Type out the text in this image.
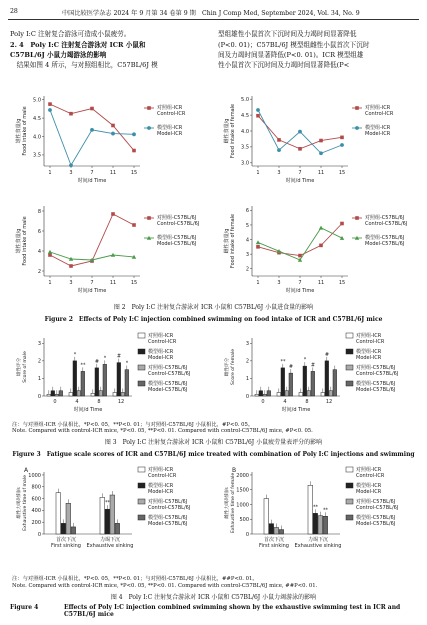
28	中国比较医学杂志 2024 年 9 月第 34 卷第 9 期　Chin J Comp Med, September 2024, Vol. 34, No. 9
Poly I:C 注射复合游泳可造成小鼠疲劳。
2. 4　Poly I:C 注射复合游泳对 ICR 小鼠和
C57BL/6J 小鼠力竭游泳的影响
　结果如图 4 所示，与对照组相比，C57BL/6J 模
型组雄性小鼠首次下沉时间及力竭时间显著降低
(P<0. 01)；C57BL/6J 模型组雌性小鼠首次下沉时
间及力竭时间显著降低(P<0. 01)。ICR 模型组雄
性小鼠首次下沉时间及力竭时间显著降低(P<
3.5
4.0
4.5
5.0
1	3	7	11	15
时间/d Time
雄性食量/g Food intake of male	对照组-ICR
Control-ICR
模型组-ICR
Model-ICR
3.0
3.5
4.0
4.5
5.0
1	3	7	11	15
时间/d Time
雌性食量/g Food intake of female	对照组-ICR
Control-ICR
模型组-ICR
Model-ICR
2
4
6
8
1	3	7	11	15
时间/d Time
雄性食量/g Food intake of male	对照组-C57BL/6J
Control-C57BL/6J
模型组-C57BL/6J
Model-C57BL/6J
2
3
4
5
6
1	3	7	11	15
时间/d Time
雌性食量/g Food intake of female	对照组-C57BL/6J
Control-C57BL/6J
模型组-C57BL/6J
Model-C57BL/6J
图 2　Poly I:C 注射复合游泳对 ICR 小鼠和 C57BL/6J 小鼠进食量的影响
Figure 2　Effects of Poly I:C injection combined swimming on food intake of ICR and C57BL/6J mice
0
1
2
3
0
*
**
4
#
*
8
#
*
12
时间/d Time
雄性评分 Score of male
对照组-ICR
Control-ICR
模型组-ICR
Model-ICR
对照组-C57BL/6J
Control-C57BL/6J
模型组-C57BL/6J
Model-C57BL/6J
0
1
2
3
0
**
#
4
*
#
8
#
12
时间/d Time
雌性评分 Score of female
对照组-ICR
Control-ICR
模型组-ICR
Model-ICR
对照组-C57BL/6J
Control-C57BL/6J
模型组-C57BL/6J
Model-C57BL/6J
注：与对照组-ICR 小鼠相比，*P<0. 05，**P<0. 01；与对照组-C57BL/6J 小鼠相比，#P<0. 05。
Note. Compared with control-ICR mice, *P<0. 05, **P<0. 01. Compared with control-C57BL/6J mice, #P<0. 05.
图 3　Poly I:C 注射复合游泳对 ICR 小鼠和 C57BL/6J 小鼠疲劳量表评分的影响
Figure 3　Fatigue scale scores of ICR and C57BL/6J mice treated with combination of Poly I:C injections and swimming
0
200
400
600
800
1000
首次下沉
First sinking
**
力竭下沉
Exhaustive sinking
A
雄性力竭时间/s Exhaustive time of male
对照组-ICR
Control-ICR
模型组-ICR
Model-ICR
对照组-C57BL/6J
Control-C57BL/6J
模型组-C57BL/6J
Model-C57BL/6J
0
500
1000
1500
2000
首次下沉
First sinking
** **
力竭下沉
Exhaustive sinking
B
雌性力竭时间/s Exhaustive time of female
对照组-ICR
Control-ICR
模型组-ICR
Model-ICR
对照组-C57BL/6J
Control-C57BL/6J
模型组-C57BL/6J
Model-C57BL/6J
注：与对照组-ICR 小鼠相比，*P<0. 05，**P<0. 01；与对照组-C57BL/6J 小鼠相比，##P<0. 01。
Note. Compared with control-ICR mice, *P<0. 05, **P<0. 01. Compared with control-C57BL/6J mice, ##P<0. 01.
图 4　Poly I:C 注射复合游泳对 ICR 小鼠和 C57BL/6J 小鼠力竭游泳的影响
Figure 4	Effects of Poly I:C injection combined swimming shown by the exhaustive swimming test in ICR and C57BL/6J mice
